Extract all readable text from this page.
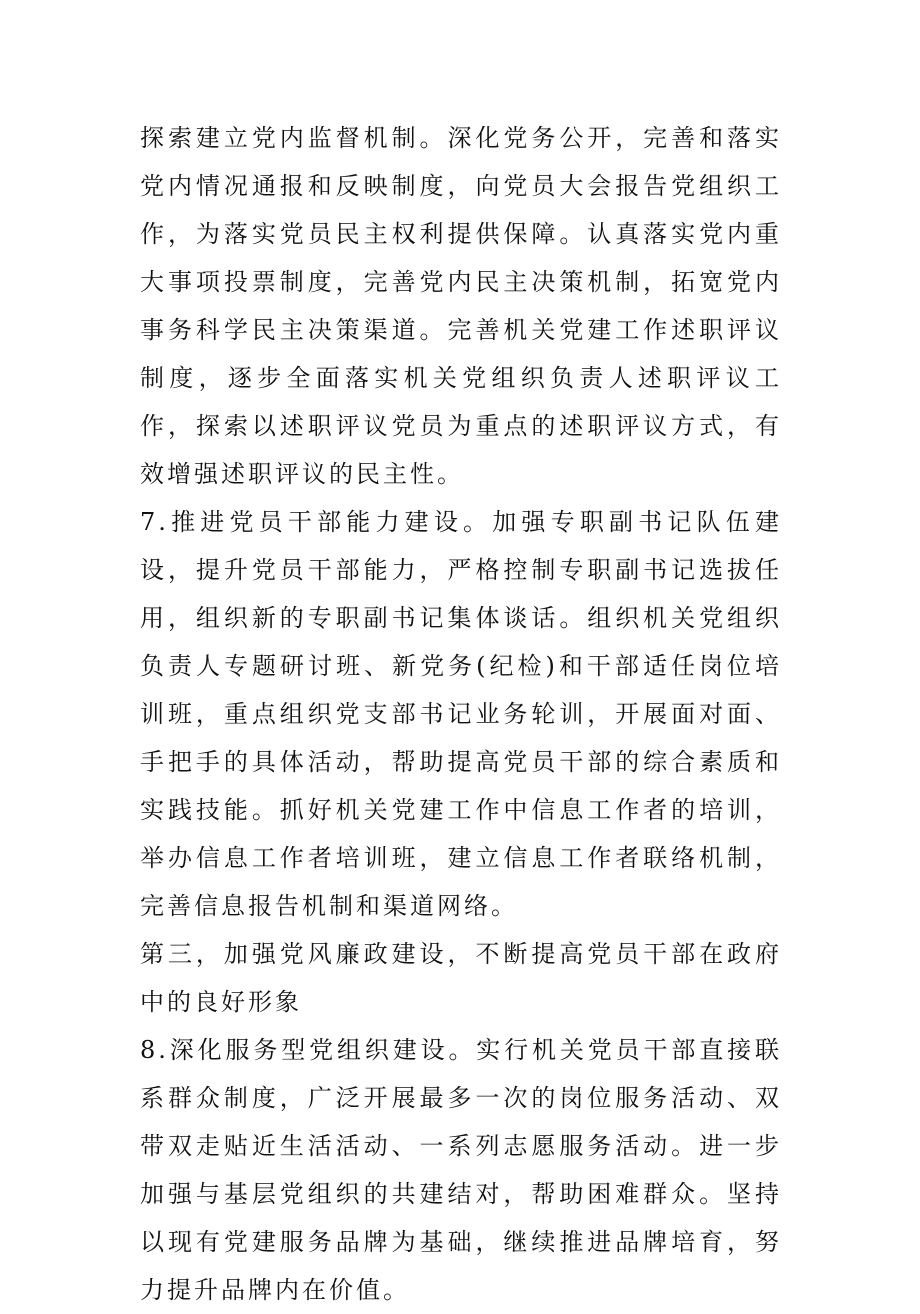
探索建立党内监督机制。深化党务公开，完善和落实党内情况通报和反映制度，向党员大会报告党组织工作，为落实党员民主权利提供保障。认真落实党内重大事项投票制度，完善党内民主决策机制，拓宽党内事务科学民主决策渠道。完善机关党建工作述职评议制度，逐步全面落实机关党组织负责人述职评议工作，探索以述职评议党员为重点的述职评议方式，有效增强述职评议的民主性。

7.推进党员干部能力建设。加强专职副书记队伍建设，提升党员干部能力，严格控制专职副书记选拔任用，组织新的专职副书记集体谈话。组织机关党组织负责人专题研讨班、新党务(纪检)和干部适任岗位培训班，重点组织党支部书记业务轮训，开展面对面、手把手的具体活动，帮助提高党员干部的综合素质和实践技能。抓好机关党建工作中信息工作者的培训，举办信息工作者培训班，建立信息工作者联络机制，完善信息报告机制和渠道网络。

第三，加强党风廉政建设，不断提高党员干部在政府中的良好形象

8.深化服务型党组织建设。实行机关党员干部直接联系群众制度，广泛开展最多一次的岗位服务活动、双带双走贴近生活活动、一系列志愿服务活动。进一步加强与基层党组织的共建结对，帮助困难群众。坚持以现有党建服务品牌为基础，继续推进品牌培育，努力提升品牌内在价值。
